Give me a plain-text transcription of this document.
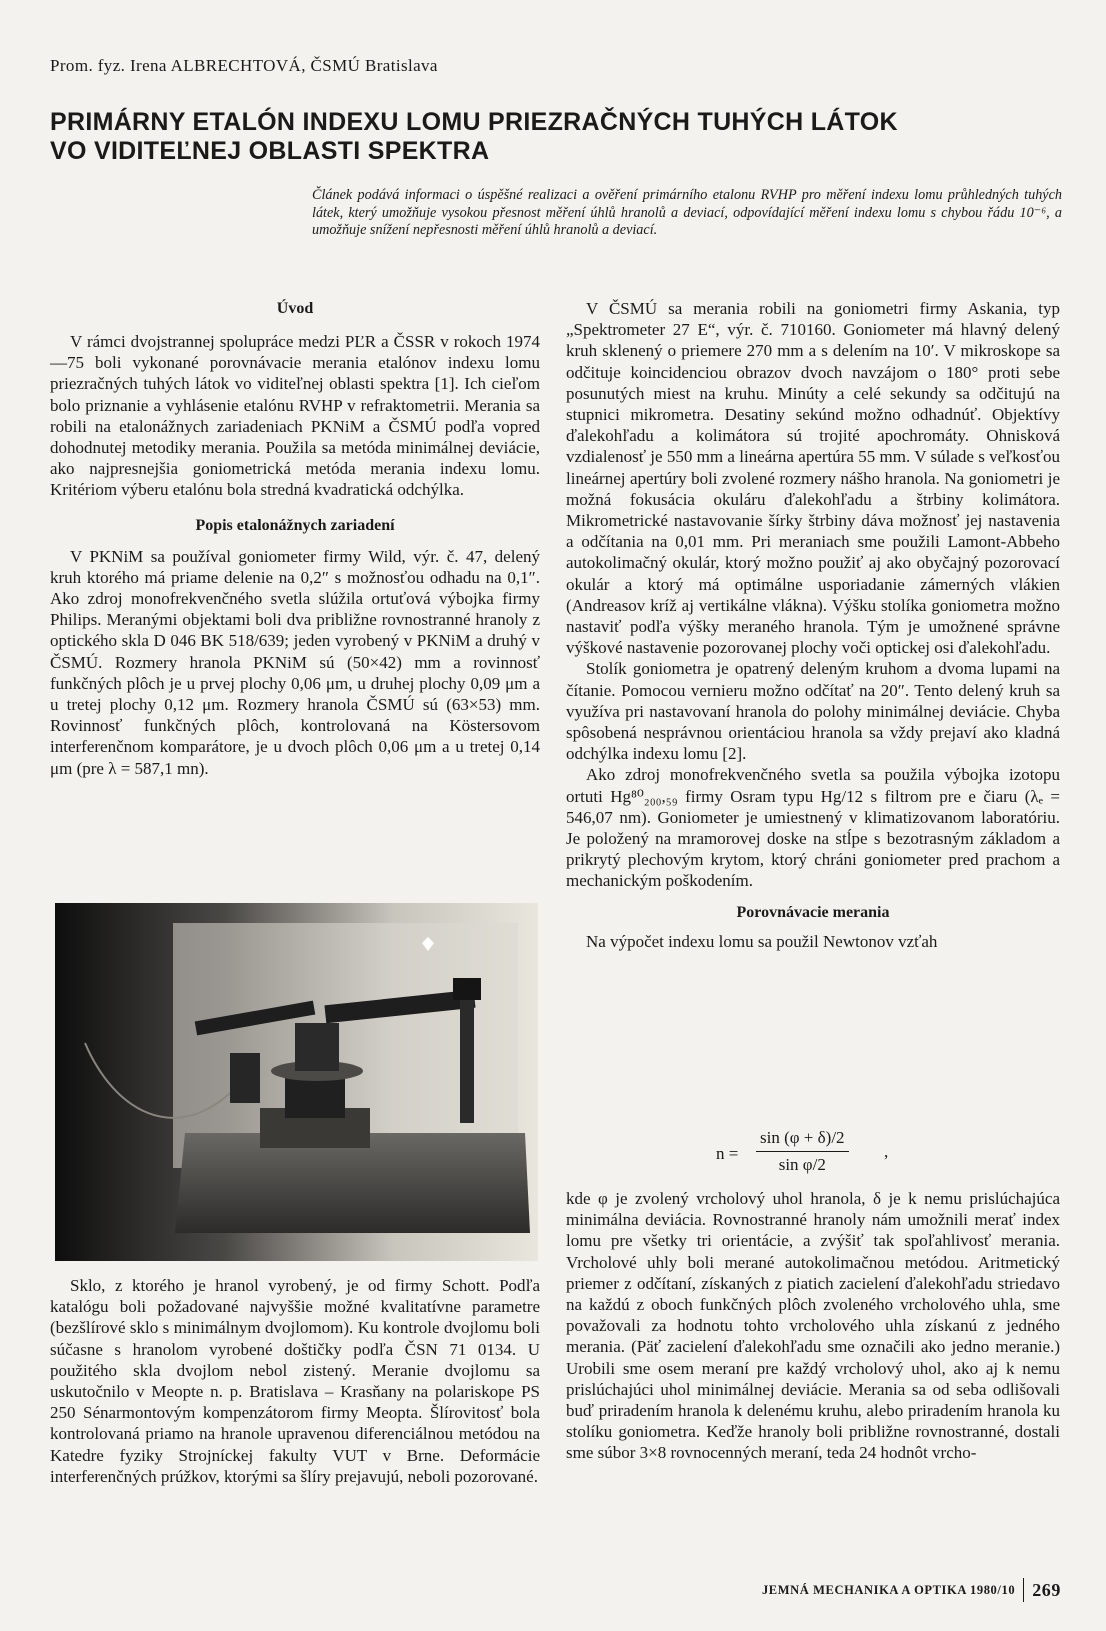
Prom. fyz. Irena ALBRECHTOVÁ, ČSMÚ Bratislava
PRIMÁRNY ETALÓN INDEXU LOMU PRIEZRAČNÝCH TUHÝCH LÁTOK
VO VIDITEĽNEJ OBLASTI SPEKTRA
Článek podává informaci o úspěšné realizaci a ověření primárního etalonu RVHP pro měření indexu lomu průhledných tuhých látek, který umožňuje vysokou přesnost měření úhlů hranolů a deviací, odpovídající měření indexu lomu s chybou řádu 10⁻⁶, a umožňuje snížení nepřesnosti měření úhlů hranolů a deviací.
Úvod

V rámci dvojstrannej spolupráce medzi PĽR a ČSSR v rokoch 1974—75 boli vykonané porovnávacie merania etalónov indexu lomu priezračných tuhých látok vo viditeľnej oblasti spektra [1]. Ich cieľom bolo priznanie a vyhlásenie etalónu RVHP v refraktometrii. Merania sa robili na etalonážnych zariadeniach PKNiM a ČSMÚ podľa vopred dohodnutej metodiky merania. Použila sa metóda minimálnej deviácie, ako najpresnejšia goniometrická metóda merania indexu lomu. Kritériom výberu etalónu bola stredná kvadratická odchýlka.

Popis etalonážnych zariadení

V PKNiM sa používal goniometer firmy Wild, výr. č. 47, delený kruh ktorého má priame delenie na 0,2″ s možnosťou odhadu na 0,1″. Ako zdroj monofrekvenčného svetla slúžila ortuťová výbojka firmy Philips. Meranými objektami boli dva približne rovnostranné hranoly z optického skla D 046 BK 518/639; jeden vyrobený v PKNiM a druhý v ČSMÚ. Rozmery hranola PKNiM sú (50×42) mm a rovinnosť funkčných plôch je u prvej plochy 0,06 μm, u druhej plochy 0,09 μm a u tretej plochy 0,12 μm. Rozmery hranola ČSMÚ sú (63×53) mm. Rovinnosť funkčných plôch, kontrolovaná na Köstersovom interferenčnom komparátore, je u dvoch plôch 0,06 μm a u tretej 0,14 μm (pre λ = 587,1 mn).

Sklo, z ktorého je hranol vyrobený, je od firmy Schott. Podľa katalógu boli požadované najvyššie možné kvalitatívne parametre (bezšlírové sklo s minimálnym dvojlomom). Ku kontrole dvojlomu boli súčasne s hranolom vyrobené doštičky podľa ČSN 71 0134. U použitého skla dvojlom nebol zistený. Meranie dvojlomu sa uskutočnilo v Meopte n. p. Bratislava – Krasňany na polariskope PS 250 Sénarmontovým kompenzátorom firmy Meopta. Šlírovitosť bola kontrolovaná priamo na hranole upravenou diferenciálnou metódou na Katedre fyziky Strojníckej fakulty VUT v Brne. Deformácie interferenčných prúžkov, ktorými sa šlíry prejavujú, neboli pozorované.

V ČSMÚ sa merania robili na goniometri firmy Askania, typ „Spektrometer 27 E“, výr. č. 710160. Goniometer má hlavný delený kruh sklenený o priemere 270 mm a s delením na 10′. V mikroskope sa odčituje koincidenciou obrazov dvoch navzájom o 180° proti sebe posunutých miest na kruhu. Minúty a celé sekundy sa odčitujú na stupnici mikrometra. Desatiny sekúnd možno odhadnúť. Objektívy ďalekohľadu a kolimátora sú trojité apochromáty. Ohnisková vzdialenosť je 550 mm a lineárna apertúra 55 mm. V súlade s veľkosťou lineárnej apertúry boli zvolené rozmery nášho hranola. Na goniometri je možná fokusácia okuláru ďalekohľadu a štrbiny kolimátora. Mikrometrické nastavovanie šírky štrbiny dáva možnosť jej nastavenia a odčítania na 0,01 mm. Pri meraniach sme použili Lamont-Abbeho autokolimačný okulár, ktorý možno použiť aj ako obyčajný pozorovací okulár a ktorý má optimálne usporiadanie zámerných vlákien (Andreasov kríž aj vertikálne vlákna). Výšku stolíka goniometra možno nastaviť podľa výšky meraného hranola. Tým je umožnené správne výškové nastavenie pozorovanej plochy voči optickej osi ďalekohľadu.

Stolík goniometra je opatrený deleným kruhom a dvoma lupami na čítanie. Pomocou vernieru možno odčítať na 20″. Tento delený kruh sa využíva pri nastavovaní hranola do polohy minimálnej deviácie. Chyba spôsobená nesprávnou orientáciou hranola sa vždy prejaví ako kladná odchýlka indexu lomu [2].

Ako zdroj monofrekvenčného svetla sa použila výbojka izotopu ortuti Hg⁸⁰₂₀₀,₅₉ firmy Osram typu Hg/12 s filtrom pre e čiaru (λₑ = 546,07 nm). Goniometer je umiestnený v klimatizovanom laboratóriu. Je položený na mramorovej doske na stĺpe s bezotrasným základom a prikrytý plechovým krytom, ktorý chráni goniometer pred prachom a mechanickým poškodením.

Porovnávacie merania

Na výpočet indexu lomu sa použil Newtonov vzťah

$n = \frac{\sin (\varphi + \delta)/2}{\text{sin φ/2}}$ ,

kde φ je zvolený vrcholový uhol hranola, δ je k nemu prislúchajúca minimálna deviácia. Rovnostranné hranoly nám umožnili merať index lomu pre všetky tri orientácie, a zvýšiť tak spoľahlivosť merania. Vrcholové uhly boli merané autokolimačnou metódou. Aritmetický priemer z odčítaní, získaných z piatich zacielení ďalekohľadu striedavo na každú z oboch funkčných plôch zvoleného vrcholového uhla, sme považovali za hodnotu tohto vrcholového uhla získanú z jedného merania. (Päť zacielení ďalekohľadu sme označili ako jedno meranie.) Urobili sme osem meraní pre každý vrcholový uhol, ako aj k nemu prislúchajúci uhol minimálnej deviácie. Merania sa od seba odlišovali buď priradením hranola k delenému kruhu, alebo priradením hranola ku stolíku goniometra. Keďže hranoly boli približne rovnostranné, dostali sme súbor 3×8 rovnocenných meraní, teda 24 hodnôt vrcho-

JEMNÁ MECHANIKA A OPTIKA 1980/10 269
